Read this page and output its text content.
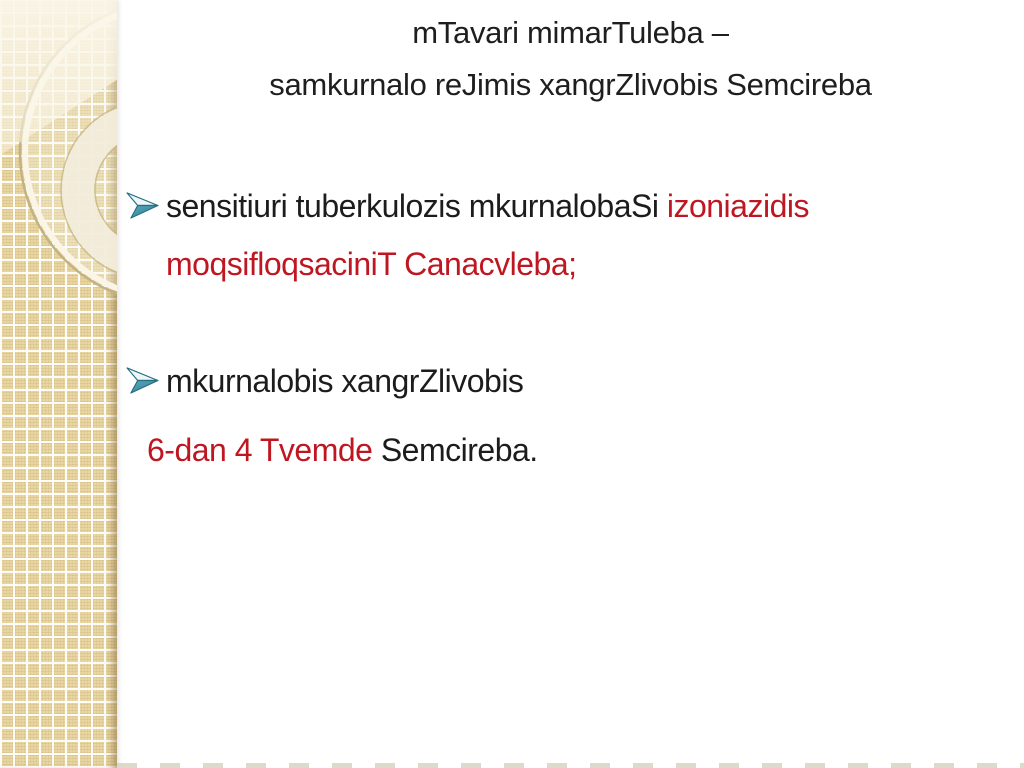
mTavari mimarTuleba –
samkurnalo reJimis xangrZlivobis Semcireba
sensitiuri tuberkulozis mkurnalobaSi izoniazidis
moqsifloqsaciniT Canacvleba;
mkurnalobis xangrZlivobis
6-dan 4 Tvemde Semcireba.
